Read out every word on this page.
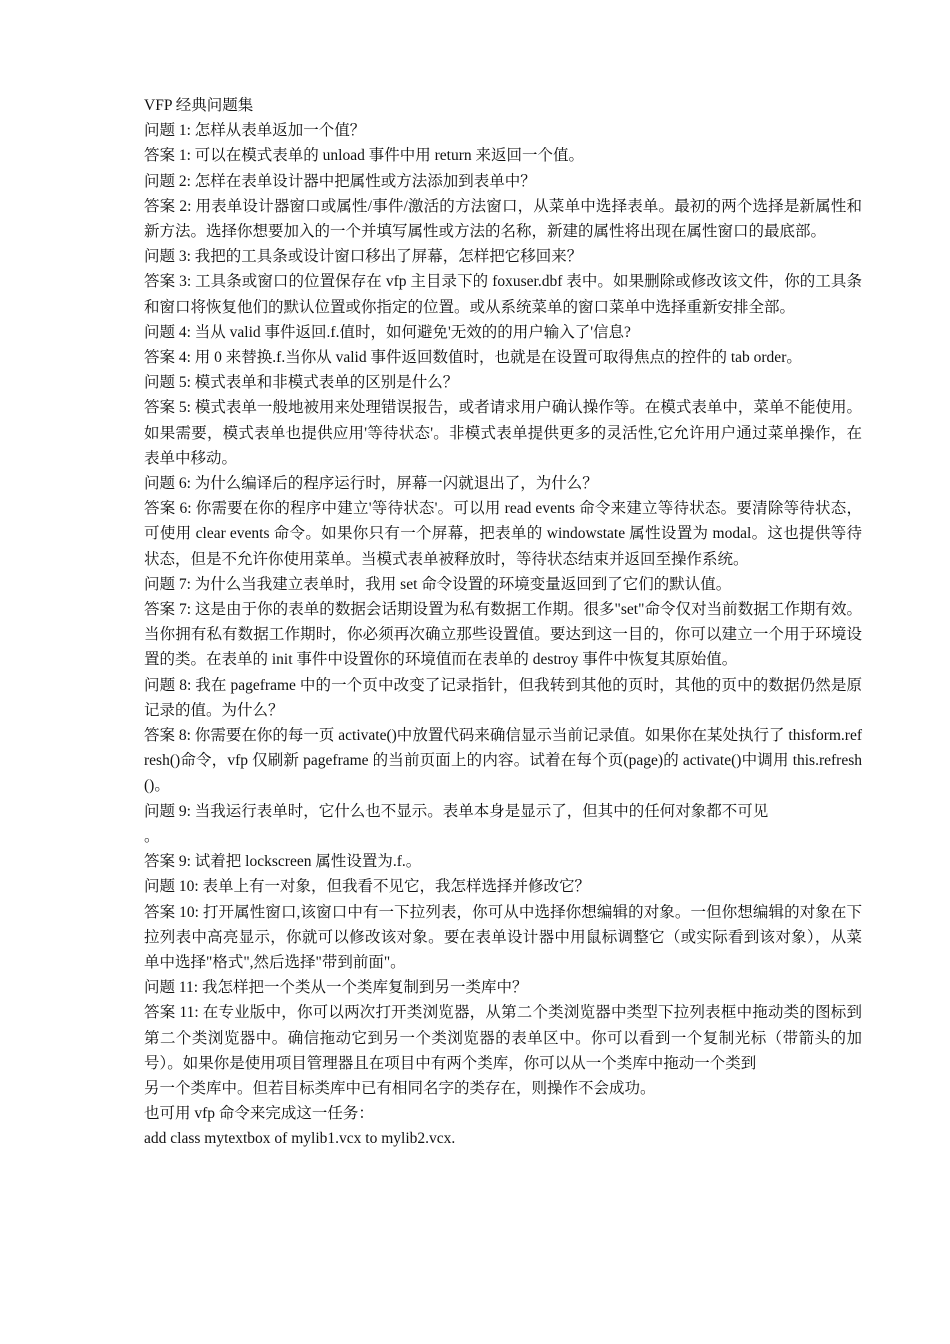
VFP 经典问题集

问题 1: 怎样从表单返加一个值？

答案 1: 可以在模式表单的 unload 事件中用 return 来返回一个值。

问题 2: 怎样在表单设计器中把属性或方法添加到表单中？

答案 2: 用表单设计器窗口或属性/事件/激活的方法窗口，从菜单中选择表单。最初的两个选择是新属性和新方法。选择你想要加入的一个并填写属性或方法的名称，新建的属性将出现在属性窗口的最底部。

问题 3: 我把的工具条或设计窗口移出了屏幕，怎样把它移回来？

答案 3: 工具条或窗口的位置保存在 vfp 主目录下的 foxuser.dbf 表中。如果删除或修改该文件，你的工具条和窗口将恢复他们的默认位置或你指定的位置。或从系统菜单的窗口菜单中选择重新安排全部。

问题 4: 当从 valid 事件返回.f.值时，如何避免'无效的的用户输入了'信息?

答案 4: 用 0 来替换.f.当你从 valid 事件返回数值时，也就是在设置可取得焦点的控件的 tab order。

问题 5: 模式表单和非模式表单的区别是什么？

答案 5: 模式表单一般地被用来处理错误报告，或者请求用户确认操作等。在模式表单中，菜单不能使用。如果需要，模式表单也提供应用'等待状态'。非模式表单提供更多的灵活性,它允许用户通过菜单操作，在表单中移动。

问题 6: 为什么编译后的程序运行时，屏幕一闪就退出了，为什么？

答案 6: 你需要在你的程序中建立'等待状态'。可以用 read events 命令来建立等待状态。要清除等待状态，可使用 clear events 命令。如果你只有一个屏幕，把表单的 windowstate 属性设置为 modal。这也提供等待状态，但是不允许你使用菜单。当模式表单被释放时，等待状态结束并返回至操作系统。

问题 7: 为什么当我建立表单时，我用 set 命令设置的环境变量返回到了它们的默认值。

答案 7: 这是由于你的表单的数据会话期设置为私有数据工作期。很多"set"命令仅对当前数据工作期有效。当你拥有私有数据工作期时，你必须再次确立那些设置值。要达到这一目的，你可以建立一个用于环境设置的类。在表单的 init 事件中设置你的环境值而在表单的 destroy 事件中恢复其原始值。

问题 8: 我在 pageframe 中的一个页中改变了记录指针，但我转到其他的页时，其他的页中的数据仍然是原记录的值。为什么？

答案 8: 你需要在你的每一页 activate()中放置代码来确信显示当前记录值。如果你在某处执行了 thisform.refresh()命令，vfp 仅刷新 pageframe 的当前页面上的内容。试着在每个页(page)的 activate()中调用 this.refresh()。

问题 9: 当我运行表单时，它什么也不显示。表单本身是显示了，但其中的任何对象都不可见

。

答案 9: 试着把 lockscreen 属性设置为.f.。

问题 10: 表单上有一对象，但我看不见它，我怎样选择并修改它？

答案 10: 打开属性窗口,该窗口中有一下拉列表，你可从中选择你想编辑的对象。一但你想编辑的对象在下拉列表中高亮显示，你就可以修改该对象。要在表单设计器中用鼠标调整它（或实际看到该对象），从菜单中选择"格式",然后选择"带到前面"。

问题 11: 我怎样把一个类从一个类库复制到另一类库中？

答案 11: 在专业版中，你可以两次打开类浏览器，从第二个类浏览器中类型下拉列表框中拖动类的图标到第二个类浏览器中。确信拖动它到另一个类浏览器的表单区中。你可以看到一个复制光标（带箭头的加号）。如果你是使用项目管理器且在项目中有两个类库，你可以从一个类库中拖动一个类到

另一个类库中。但若目标类库中已有相同名字的类存在，则操作不会成功。

也可用 vfp 命令来完成这一任务：

add class mytextbox of mylib1.vcx to mylib2.vcx.
